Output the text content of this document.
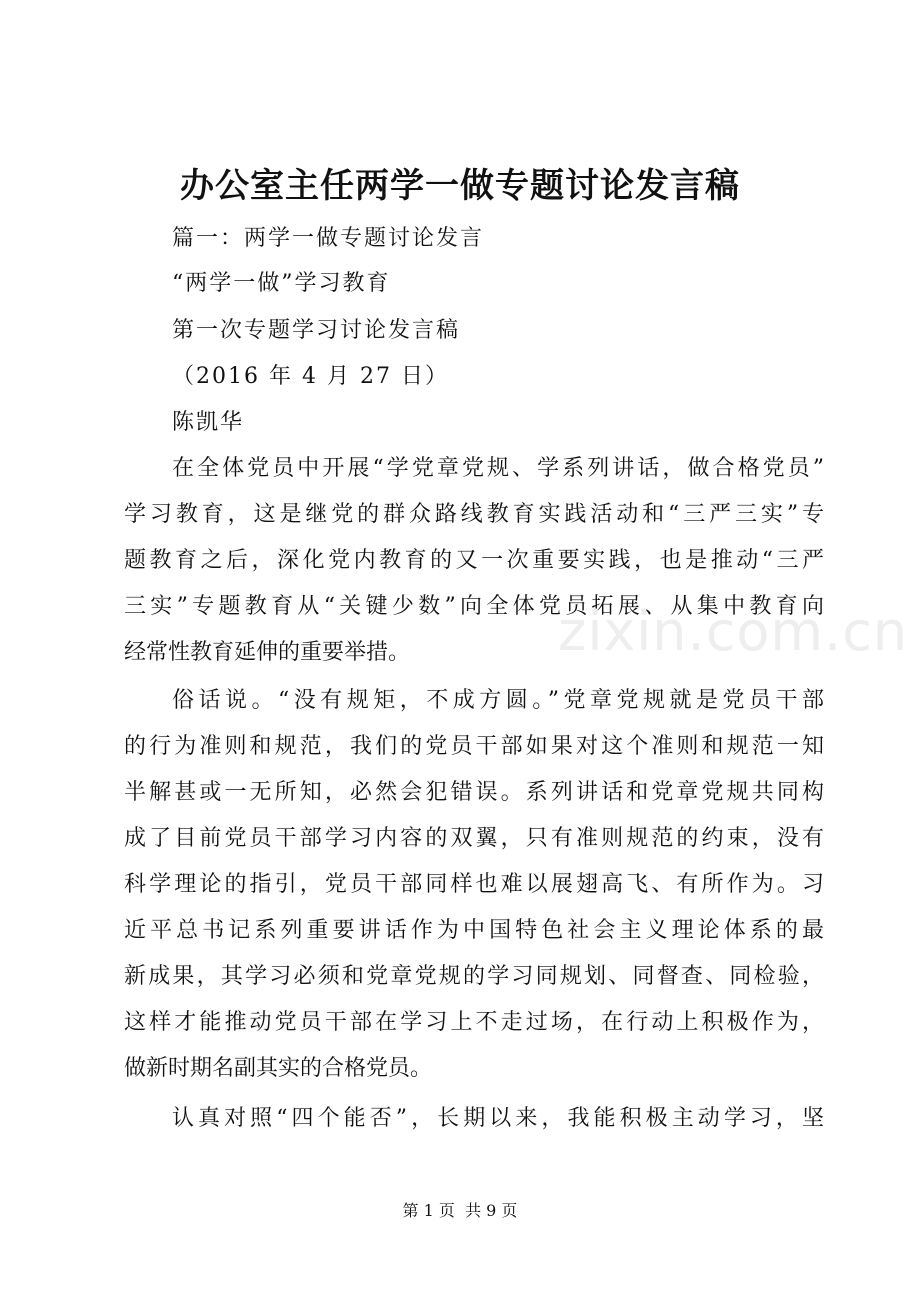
办公室主任两学一做专题讨论发言稿
篇一：两学一做专题讨论发言
“两学一做”学习教育
第一次专题学习讨论发言稿
（2016 年 4 月 27 日）
陈凯华
在全体党员中开展“学党章党规、学系列讲话，做合格党员”
学习教育，这是继党的群众路线教育实践活动和“三严三实”专
题教育之后，深化党内教育的又一次重要实践，也是推动“三严
三实”专题教育从“关键少数”向全体党员拓展、从集中教育向
经常性教育延伸的重要举措。
俗话说。“没有规矩，不成方圆。”党章党规就是党员干部
的行为准则和规范，我们的党员干部如果对这个准则和规范一知
半解甚或一无所知，必然会犯错误。系列讲话和党章党规共同构
成了目前党员干部学习内容的双翼，只有准则规范的约束，没有
科学理论的指引，党员干部同样也难以展翅高飞、有所作为。习
近平总书记系列重要讲话作为中国特色社会主义理论体系的最
新成果，其学习必须和党章党规的学习同规划、同督查、同检验，
这样才能推动党员干部在学习上不走过场，在行动上积极作为，
做新时期名副其实的合格党员。
认真对照“四个能否”，长期以来，我能积极主动学习，坚
zixin.com.cn
第 1 页  共 9 页
